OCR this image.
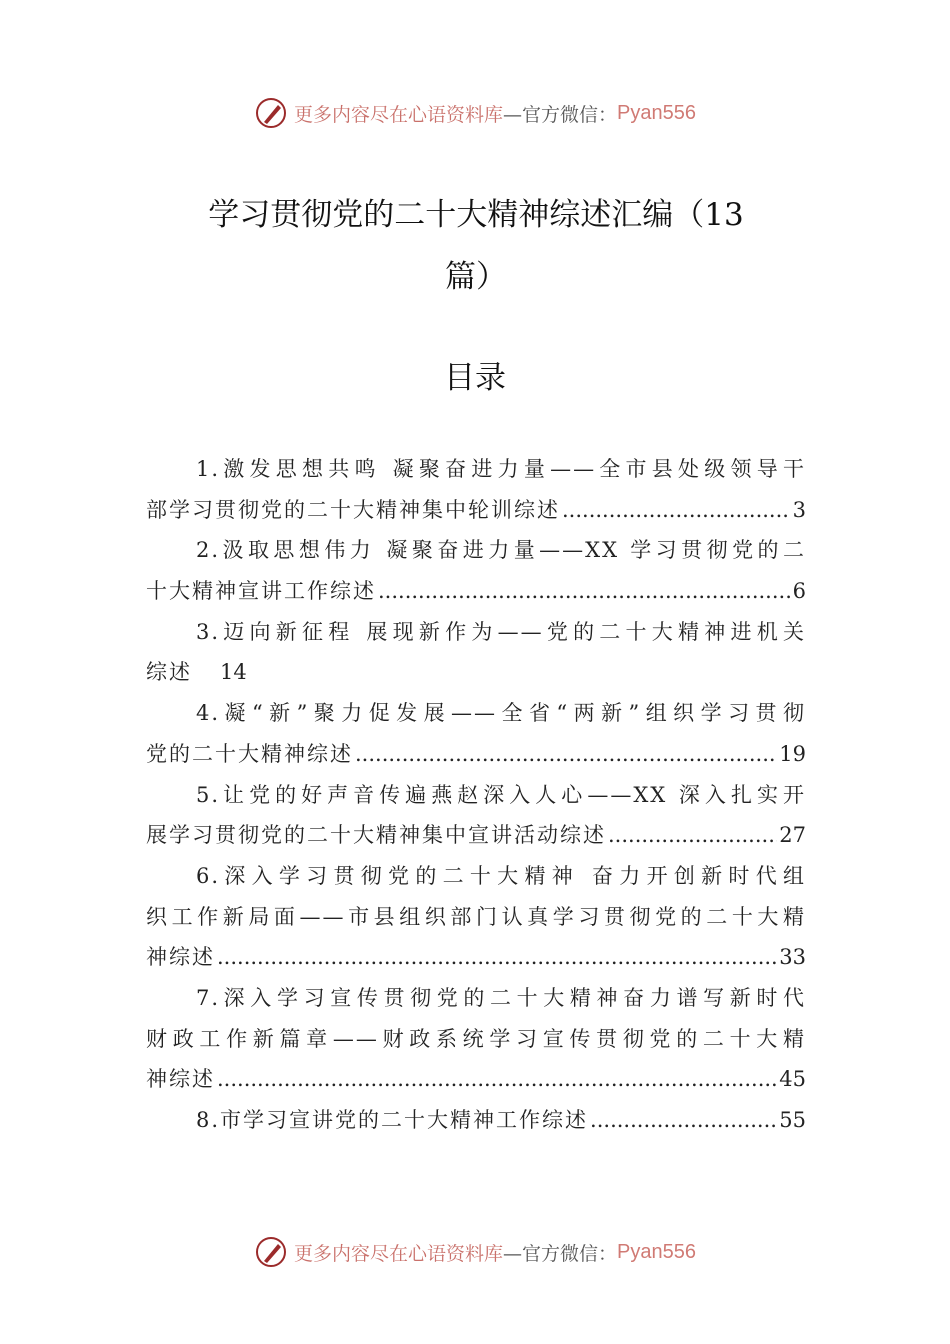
更多内容尽在心语资料库 —官方微信： Pyan556
学习贯彻党的二十大精神综述汇编（13
篇）
目录
1.激发思想共鸣 凝聚奋进力量——全市县处级领导干
部学习贯彻党的二十大精神集中轮训综述 .....	3
2.汲取思想伟力 凝聚奋进力量——XX 学习贯彻党的二
十大精神宣讲工作综述 .....	6
3.迈向新征程 展现新作为——党的二十大精神进机关
综述 14
4.凝“新”聚力促发展——全省“两新”组织学习贯彻
党的二十大精神综述 .....	19
5.让党的好声音传遍燕赵深入人心——XX 深入扎实开
展学习贯彻党的二十大精神集中宣讲活动综述 .....	27
6.深入学习贯彻党的二十大精神 奋力开创新时代组
织工作新局面——市县组织部门认真学习贯彻党的二十大精
神综述 .....	33
7.深入学习宣传贯彻党的二十大精神奋力谱写新时代
财政工作新篇章——财政系统学习宣传贯彻党的二十大精
神综述 .....	45
8.市学习宣讲党的二十大精神工作综述 .....	55
更多内容尽在心语资料库 —官方微信： Pyan556
